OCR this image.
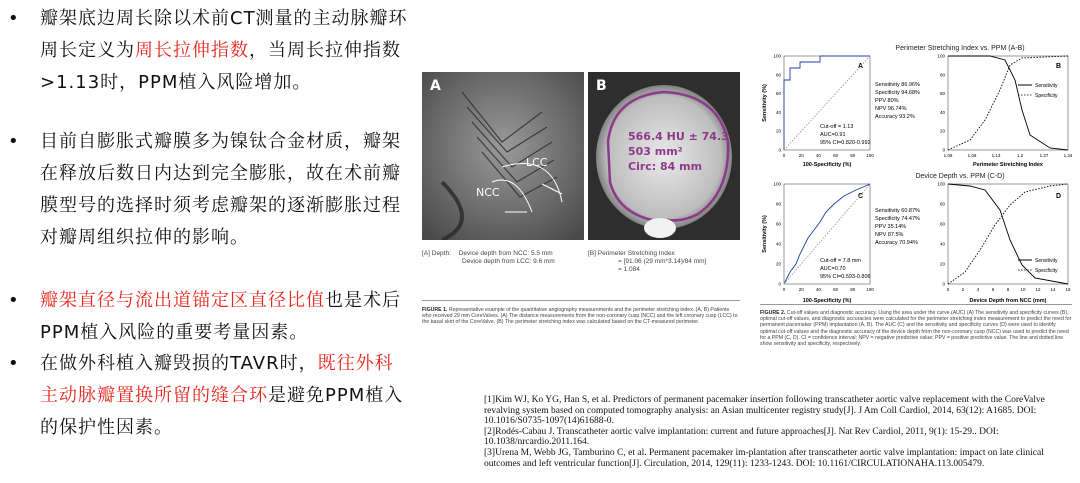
• 瓣架底边周长除以术前CT测量的主动脉瓣环周长定义为周长拉伸指数，当周长拉伸指数>1.13时，PPM植入风险增加。
• 目前自膨胀式瓣膜多为镍钛合金材质，瓣架在释放后数日内达到完全膨胀，故在术前瓣膜型号的选择时须考虑瓣架的逐渐膨胀过程对瓣周组织拉伸的影响。
• 瓣架直径与流出道锚定区直径比值也是术后PPM植入风险的重要考量因素。
• 在做外科植入瓣毁损的TAVR时，既往外科主动脉瓣置换所留的缝合环是避免PPM植入的保护性因素。
A
LCC
NCC
B
566.4 HU ± 74.3
503 mm²
Circ: 84 mm
[A] Depth: Device depth from NCC: 5.5 mm
Device depth from LCC: 9.6 mm
[B] Perimeter Stretching Index
= [91.06 (29 mm*3.14)/84 mm]
= 1.084
FIGURE 1. Representative example of the quantitative angiography measurements and the perimeter stretching index. (A, B) Patients who received 29 mm CoreValves. (A) The distance measurements from the non-coronary cusp (NCC) and the left coronary cusp (LCC) to the basal skirt of the CoreValve. (B) The perimeter stretching index was calculated based on the CT-measured perimeter.
Perimeter Stretching Index vs. PPM (A-B)
Device Depth vs. PPM (C-D)
A	B
C	D
Cut-off = 1.13
AUC=0.91
95% CI=0.820-0.992
Sensitivity 86.96%
Specificity 94.68%
PPV 80%
NPV 96.74%
Accuracy 93.2%
Cut-off = 7.8 mm
AUC=0.70
95% CI=0.593-0.806
Sensitivity 60.87%
Specificity 74.47%
PPV 35.14%
NPV 87.5%
Accuracy 70.94%
100-Specificity (%)
100-Specificity (%)
Perimeter Stretching Index
Device Depth from NCC (mm)
Sensitivity (%)
Sensitivity (%)
Sensitivity
Specificity
Sensitivity
Specificity
0
20
40
60
80
100
0
20
40
60
80
100
0
20
40
60
80
100
0
20
40
60
80
100
0	20	40	60	80 100
0	20	40	60	80 100
1.08	1.06	1.13	1.2	1.27	1.34
0	2	4	6	8 10 12 14 16
FIGURE 2. Cut-off values and diagnostic accuracy. Using the area under the curve (AUC) (A) The sensitivity and specificity curves (B), optimal cut-off values, and diagnostic accuracies were calculated for the perimeter stretching index measurement to predict the need for permanent pacemaker (PPM) implantation (A, B). The AUC (C) and the sensitivity and specificity curves (D) were used to identify optimal cut-off values and the diagnostic accuracy of the device depth from the non-coronary cusp (NCC) was used to predict the need for a PPM (C, D). CI = confidence interval; NPV = negative predictive value; PPV = positive predictive value. The line and dotted line show sensitivity and specificity, respectively.
[1]Kim WJ, Ko YG, Han S, et al. Predictors of permanent pacemaker insertion following transcatheter aortic valve replacement with the CoreValve revalving system based on computed tomography analysis: an Asian multicenter registry study[J]. J Am Coll Cardiol, 2014, 63(12): A1685. DOI: 10.1016/S0735-1097(14)61688-0.
[2]Rodés-Cabau J. Transcatheter aortic valve implantation: current and future approaches[J]. Nat Rev Cardiol, 2011, 9(1): 15-29.. DOI: 10.1038/nrcardio.2011.164.
[3]Urena M, Webb JG, Tamburino C, et al. Permanent pacemaker im-plantation after transcatheter aortic valve implantation: impact on late clinical outcomes and left ventricular function[J]. Circulation, 2014, 129(11): 1233-1243. DOI: 10.1161/CIRCULATIONAHA.113.005479.
